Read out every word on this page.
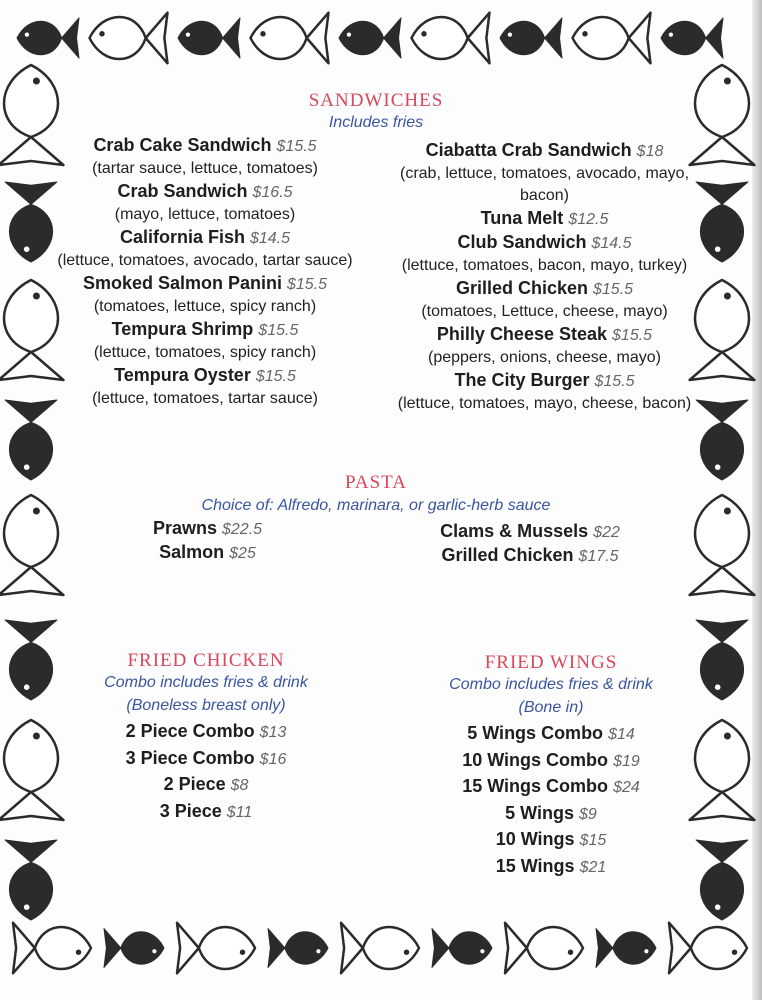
SANDWICHES
Includes fries
Crab Cake Sandwich $15.5
(tartar sauce, lettuce, tomatoes)
Crab Sandwich $16.5
(mayo, lettuce, tomatoes)
California Fish $14.5
(lettuce, tomatoes, avocado, tartar sauce)
Smoked Salmon Panini $15.5
(tomatoes, lettuce, spicy ranch)
Tempura Shrimp $15.5
(lettuce, tomatoes, spicy ranch)
Tempura Oyster $15.5
(lettuce, tomatoes, tartar sauce)
Ciabatta Crab Sandwich $18
(crab, lettuce, tomatoes, avocado, mayo,
bacon)
Tuna Melt $12.5
Club Sandwich $14.5
(lettuce, tomatoes, bacon, mayo, turkey)
Grilled Chicken $15.5
(tomatoes, Lettuce, cheese, mayo)
Philly Cheese Steak $15.5
(peppers, onions, cheese, mayo)
The City Burger $15.5
(lettuce, tomatoes, mayo, cheese, bacon)
PASTA
Choice of: Alfredo, marinara, or garlic-herb sauce
Prawns $22.5
Salmon $25
Clams & Mussels $22
Grilled Chicken $17.5
FRIED CHICKEN
Combo includes fries & drink
(Boneless breast only)
2 Piece Combo $13
3 Piece Combo $16
2 Piece $8
3 Piece $11
FRIED WINGS
Combo includes fries & drink
(Bone in)
5 Wings Combo $14
10 Wings Combo $19
15 Wings Combo $24
5 Wings $9
10 Wings $15
15 Wings $21
